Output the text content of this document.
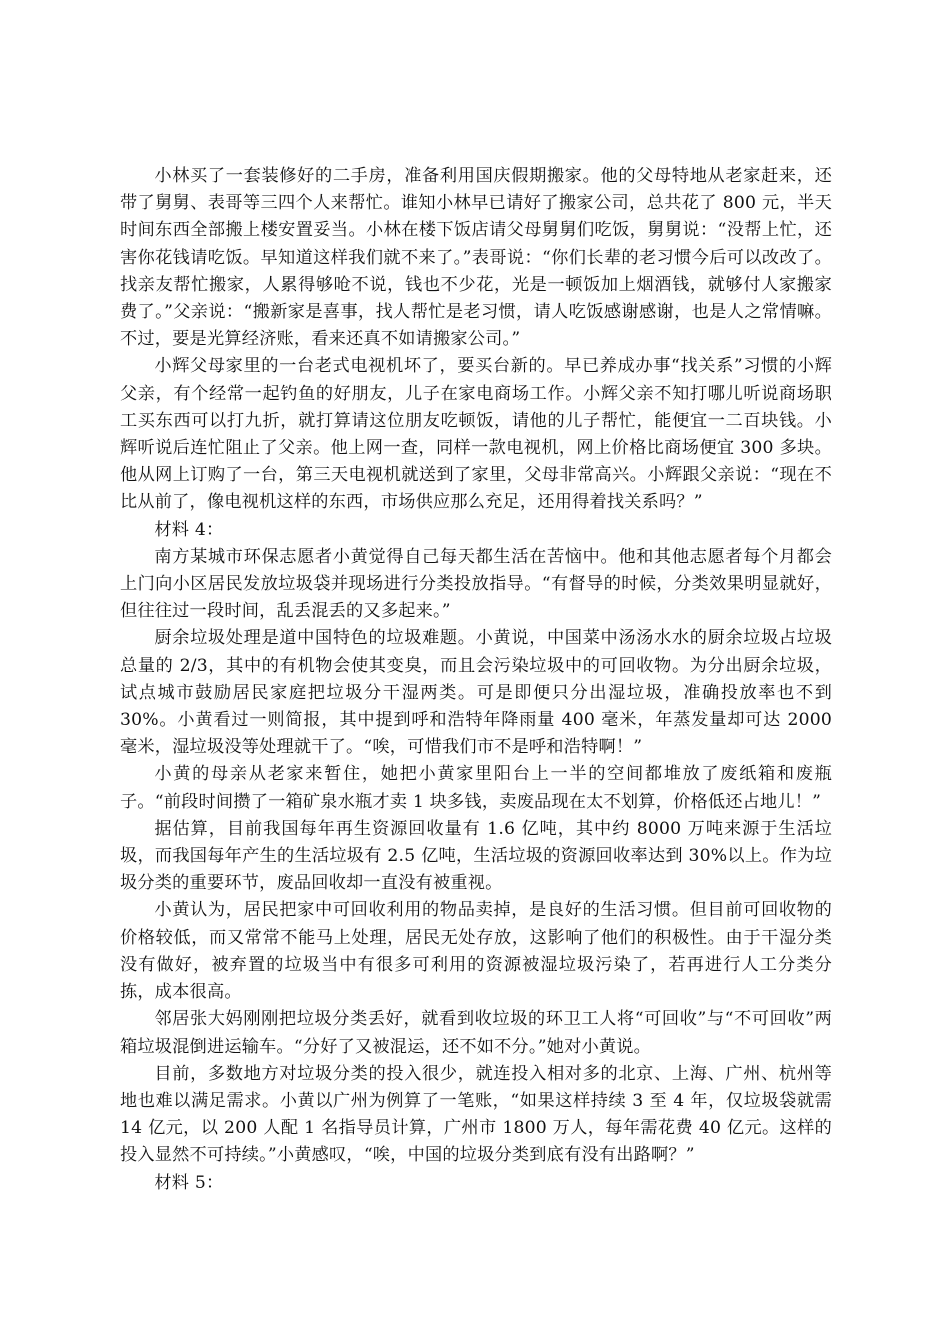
小林买了一套装修好的二手房，准备利用国庆假期搬家。他的父母特地从老家赶来，还带了舅舅、表哥等三四个人来帮忙。谁知小林早已请好了搬家公司，总共花了 800 元，半天时间东西全部搬上楼安置妥当。小林在楼下饭店请父母舅舅们吃饭，舅舅说：“没帮上忙，还害你花钱请吃饭。早知道这样我们就不来了。”表哥说：“你们长辈的老习惯今后可以改改了。找亲友帮忙搬家，人累得够呛不说，钱也不少花，光是一顿饭加上烟酒钱，就够付人家搬家费了。”父亲说：“搬新家是喜事，找人帮忙是老习惯，请人吃饭感谢感谢，也是人之常情嘛。不过，要是光算经济账，看来还真不如请搬家公司。”

小辉父母家里的一台老式电视机坏了，要买台新的。早已养成办事“找关系”习惯的小辉父亲，有个经常一起钓鱼的好朋友，儿子在家电商场工作。小辉父亲不知打哪儿听说商场职工买东西可以打九折，就打算请这位朋友吃顿饭，请他的儿子帮忙，能便宜一二百块钱。小辉听说后连忙阻止了父亲。他上网一查，同样一款电视机，网上价格比商场便宜 300 多块。他从网上订购了一台，第三天电视机就送到了家里，父母非常高兴。小辉跟父亲说：“现在不比从前了，像电视机这样的东西，市场供应那么充足，还用得着找关系吗？”

材料 4：

南方某城市环保志愿者小黄觉得自己每天都生活在苦恼中。他和其他志愿者每个月都会上门向小区居民发放垃圾袋并现场进行分类投放指导。“有督导的时候，分类效果明显就好，但往往过一段时间，乱丢混丢的又多起来。”

厨余垃圾处理是道中国特色的垃圾难题。小黄说，中国菜中汤汤水水的厨余垃圾占垃圾总量的 2/3，其中的有机物会使其变臭，而且会污染垃圾中的可回收物。为分出厨余垃圾，试点城市鼓励居民家庭把垃圾分干湿两类。可是即便只分出湿垃圾，准确投放率也不到 30%。小黄看过一则简报，其中提到呼和浩特年降雨量 400 毫米，年蒸发量却可达 2000 毫米，湿垃圾没等处理就干了。“唉，可惜我们市不是呼和浩特啊！”

小黄的母亲从老家来暂住，她把小黄家里阳台上一半的空间都堆放了废纸箱和废瓶子。“前段时间攒了一箱矿泉水瓶才卖 1 块多钱，卖废品现在太不划算，价格低还占地儿！”

据估算，目前我国每年再生资源回收量有 1.6 亿吨，其中约 8000 万吨来源于生活垃圾，而我国每年产生的生活垃圾有 2.5 亿吨，生活垃圾的资源回收率达到 30%以上。作为垃圾分类的重要环节，废品回收却一直没有被重视。

小黄认为，居民把家中可回收利用的物品卖掉，是良好的生活习惯。但目前可回收物的价格较低，而又常常不能马上处理，居民无处存放，这影响了他们的积极性。由于干湿分类没有做好，被弃置的垃圾当中有很多可利用的资源被湿垃圾污染了，若再进行人工分类分拣，成本很高。

邻居张大妈刚刚把垃圾分类丢好，就看到收垃圾的环卫工人将“可回收”与“不可回收”两箱垃圾混倒进运输车。“分好了又被混运，还不如不分。”她对小黄说。

目前，多数地方对垃圾分类的投入很少，就连投入相对多的北京、上海、广州、杭州等地也难以满足需求。小黄以广州为例算了一笔账，“如果这样持续 3 至 4 年，仅垃圾袋就需 14 亿元，以 200 人配 1 名指导员计算，广州市 1800 万人，每年需花费 40 亿元。这样的投入显然不可持续。”小黄感叹，“唉，中国的垃圾分类到底有没有出路啊？”

材料 5：
